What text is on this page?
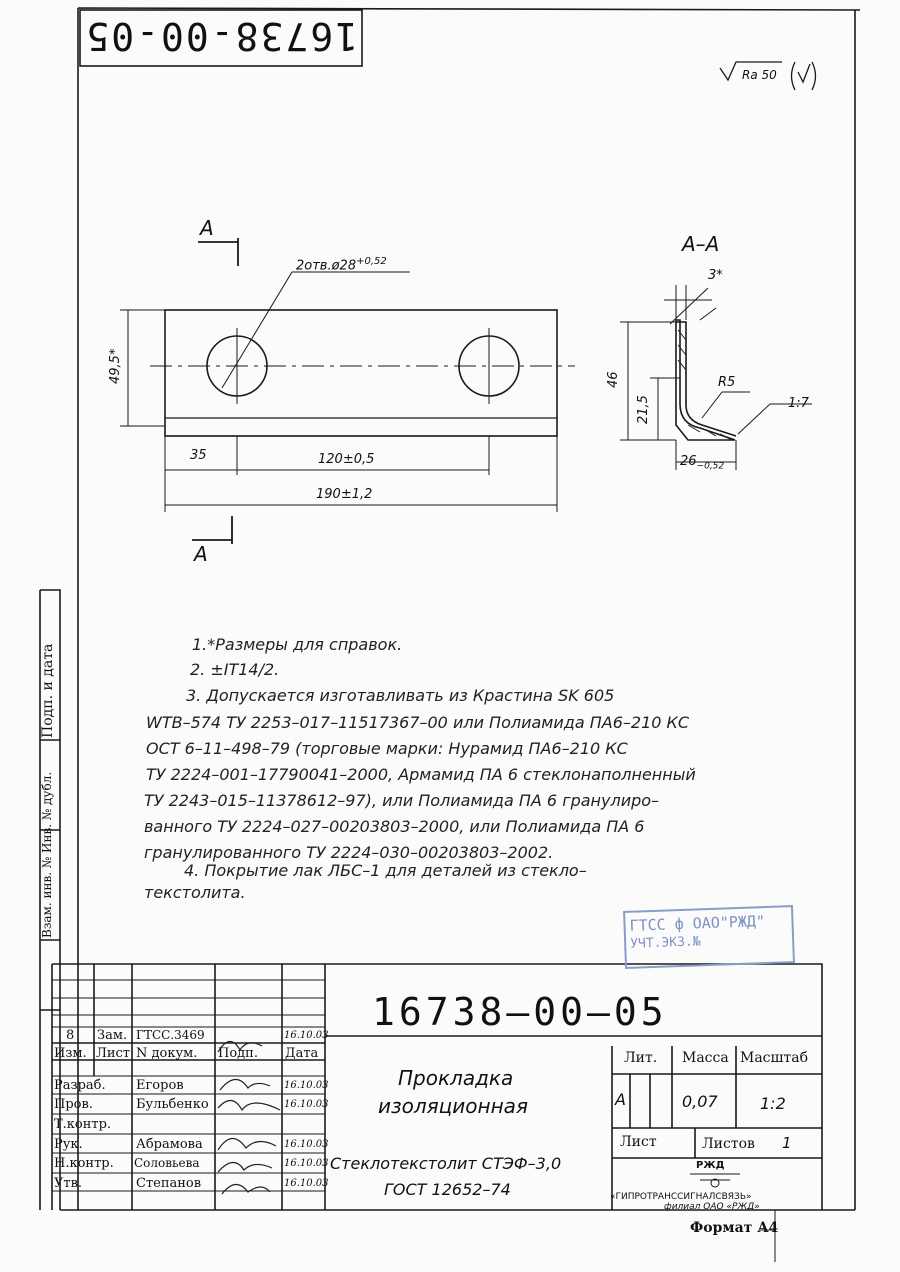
16738-00-05
Ra 50
A
A
A–A
$2отв.ø28^{+0,52}$
49,5*
35	120±0,5
190±1,2
3*
46
21,5
R5
1:7
$26_{-0,52}$
1.*Размеры для справок.
2. ±IT14/2.
3. Допускается изготавливать из Крастина SK 605
WTB–574 ТУ 2253–017–11517367–00 или Полиамида ПА6–210 КС
ОСТ 6–11–498–79 (торговые марки: Нурамид ПА6–210 КС
ТУ 2224–001–17790041–2000, Армамид ПА 6 стеклонаполненный
ТУ 2243–015–11378612–97), или Полиамида ПА 6 гранулиро–
ванного ТУ 2224–027–00203803–2000, или Полиамида ПА 6
гранулированного ТУ 2224–030–00203803–2002.
4. Покрытие лак ЛБС–1 для деталей из стекло–
текстолита.
ГТСС ф ОАО"РЖД"
УЧТ.ЭКЗ.№
Подп. и дата
Взам. инв. № Инв. № дубл.
16738–00–05
8 Зам. ГТСС.3469	16.10.03
Изм. Лист N докум. Подп. Дата
Разраб. Егоров	16.10.03
Пров.	Бульбенко	16.10.03
Т.контр.
Рук.	Абрамова	16.10.03
Н.контр. Соловьева	16.10.03
Утв.	Степанов	16.10.03
Прокладка
изоляционная
Стеклотекстолит СТЭФ–3,0
ГОСТ 12652–74
Лит. Масса Масштаб
А	0,07	1:2
Лист	Листов 1
РЖД
«ГИПРОТРАНССИГНАЛСВЯЗЬ»
филиал ОАО «РЖД»
Формат А4
